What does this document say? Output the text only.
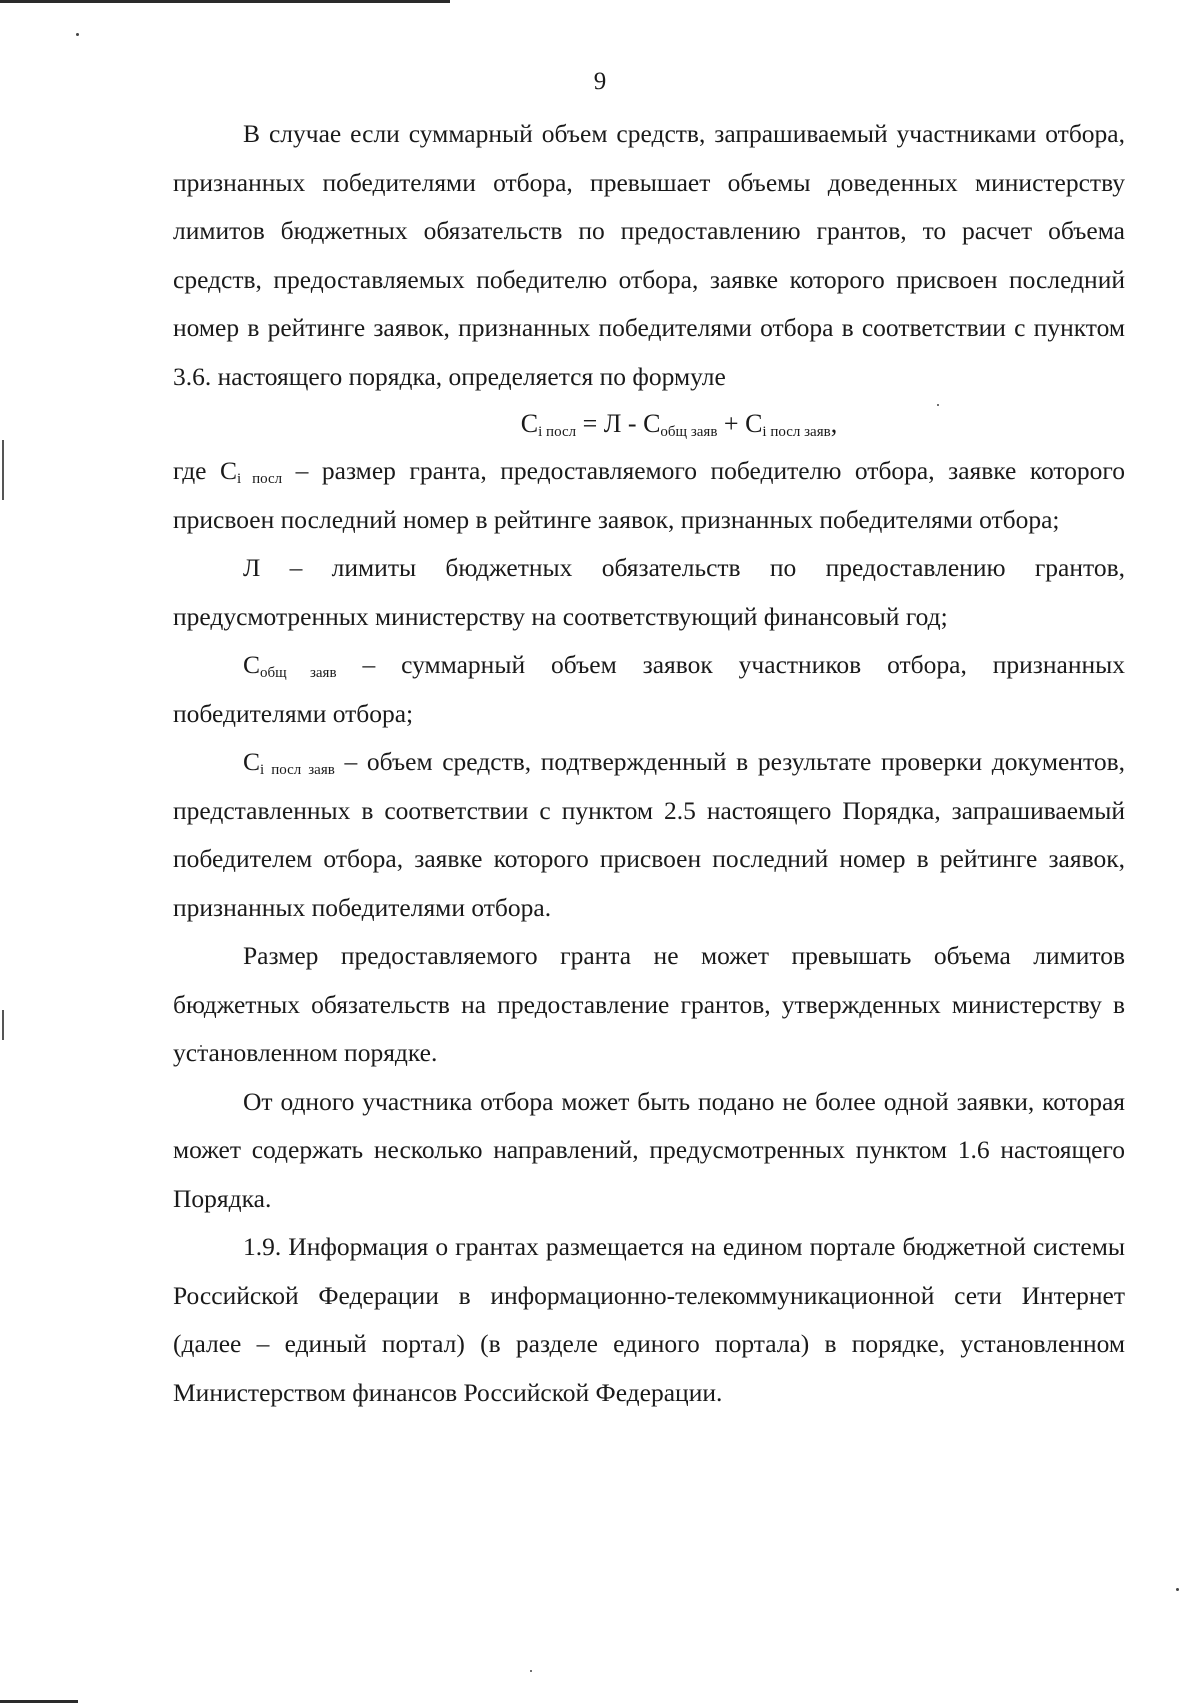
9

В случае если суммарный объем средств, запрашиваемый участниками отбора, признанных победителями отбора, превышает объемы доведенных министерству лимитов бюджетных обязательств по предоставлению грантов, то расчет объема средств, предоставляемых победителю отбора, заявке которого присвоен последний номер в рейтинге заявок, признанных победителями отбора в соответствии с пунктом 3.6. настоящего порядка, определяется по формуле

$C_{i посл} = Л - C_{общ заяв} + C_{i посл заяв}$,

где $C_{i посл}$ – размер гранта, предоставляемого победителю отбора, заявке которого присвоен последний номер в рейтинге заявок, признанных победителями отбора;

Л – лимиты бюджетных обязательств по предоставлению грантов, предусмотренных министерству на соответствующий финансовый год;

$C_{общ заяв}$ – суммарный объем заявок участников отбора, признанных победителями отбора;

$C_{i посл заяв}$ – объем средств, подтвержденный в результате проверки документов, представленных в соответствии с пунктом 2.5 настоящего Порядка, запрашиваемый победителем отбора, заявке которого присвоен последний номер в рейтинге заявок, признанных победителями отбора.

Размер предоставляемого гранта не может превышать объема лимитов бюджетных обязательств на предоставление грантов, утвержденных министерству в установленном порядке.

От одного участника отбора может быть подано не более одной заявки, которая может содержать несколько направлений, предусмотренных пунктом 1.6 настоящего Порядка.

1.9. Информация о грантах размещается на едином портале бюджетной системы Российской Федерации в информационно-телекоммуникационной сети Интернет (далее – единый портал) (в разделе единого портала) в порядке, установленном Министерством финансов Российской Федерации.
